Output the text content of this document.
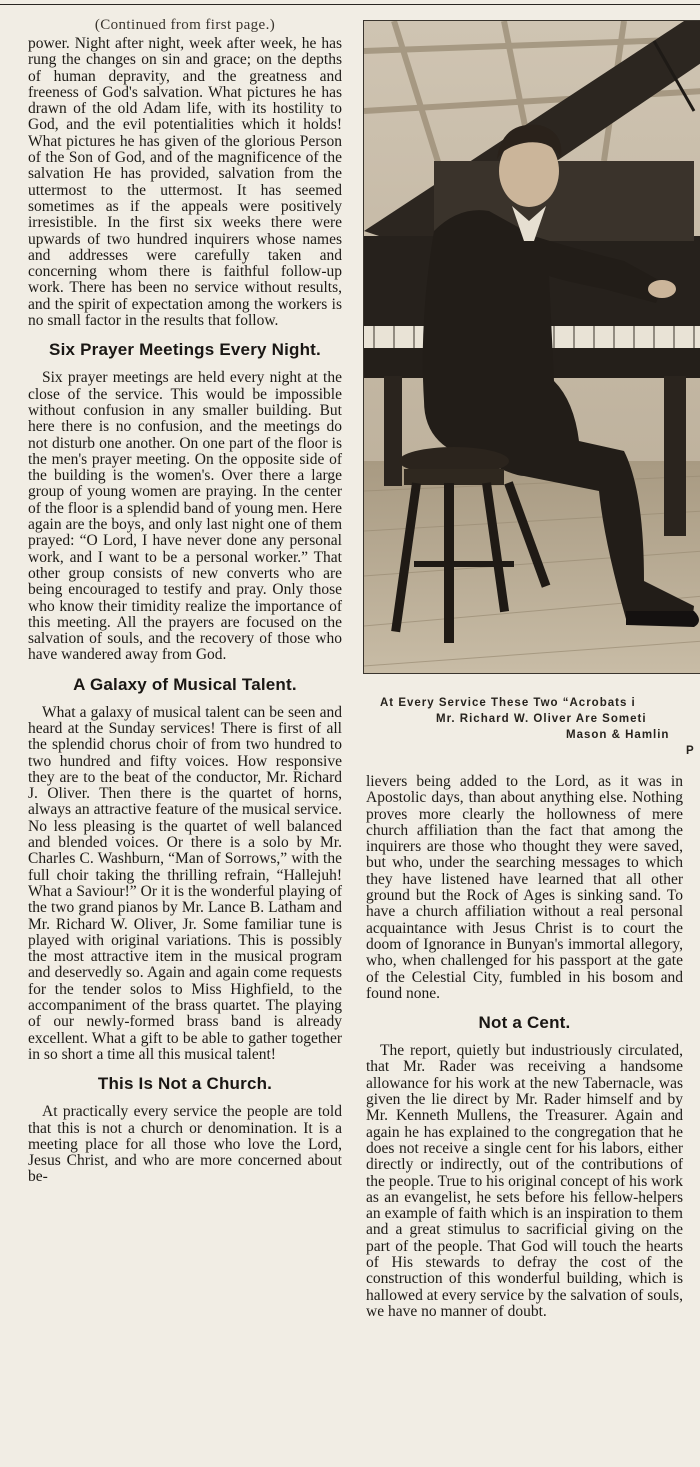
(Continued from first page.)

power. Night after night, week after week, he has rung the changes on sin and grace; on the depths of human depravity, and the greatness and freeness of God's salvation. What pictures he has drawn of the old Adam life, with its hostility to God, and the evil potentialities which it holds! What pictures he has given of the glorious Person of the Son of God, and of the magnificence of the salvation He has provided, salvation from the uttermost to the uttermost. It has seemed sometimes as if the appeals were positively irresistible. In the first six weeks there were upwards of two hundred inquirers whose names and addresses were carefully taken and concerning whom there is faithful follow-up work. There has been no service without results, and the spirit of expectation among the workers is no small factor in the results that follow.

Six Prayer Meetings Every Night.

Six prayer meetings are held every night at the close of the service. This would be impossible without confusion in any smaller building. But here there is no confusion, and the meetings do not disturb one another. On one part of the floor is the men's prayer meeting. On the opposite side of the building is the women's. Over there a large group of young women are praying. In the center of the floor is a splendid band of young men. Here again are the boys, and only last night one of them prayed: “O Lord, I have never done any personal work, and I want to be a personal worker.” That other group consists of new converts who are being encouraged to testify and pray. Only those who know their timidity realize the importance of this meeting. All the prayers are focused on the salvation of souls, and the recovery of those who have wandered away from God.

A Galaxy of Musical Talent.

What a galaxy of musical talent can be seen and heard at the Sunday services! There is first of all the splendid chorus choir of from two hundred to two hundred and fifty voices. How responsive they are to the beat of the conductor, Mr. Richard J. Oliver. Then there is the quartet of horns, always an attractive feature of the musical service. No less pleasing is the quartet of well balanced and blended voices. Or there is a solo by Mr. Charles C. Washburn, “Man of Sorrows,” with the full choir taking the thrilling refrain, “Hallejuh! What a Saviour!” Or it is the wonderful playing of the two grand pianos by Mr. Lance B. Latham and Mr. Richard W. Oliver, Jr. Some familiar tune is played with original variations. This is possibly the most attractive item in the musical program and deservedly so. Again and again come requests for the tender solos to Miss Highfield, to the accompaniment of the brass quartet. The playing of our newly-formed brass band is already excellent. What a gift to be able to gather together in so short a time all this musical talent!

This Is Not a Church.

At practically every service the people are told that this is not a church or denomination. It is a meeting place for all those who love the Lord, Jesus Christ, and who are more concerned about be-

At Every Service These Two “Acrobats i
Mr. Richard W. Oliver Are Someti
Mason & Hamlin
P

lievers being added to the Lord, as it was in Apostolic days, than about anything else. Nothing proves more clearly the hollowness of mere church affiliation than the fact that among the inquirers are those who thought they were saved, but who, under the searching messages to which they have listened have learned that all other ground but the Rock of Ages is sinking sand. To have a church affiliation without a real personal acquaintance with Jesus Christ is to court the doom of Ignorance in Bunyan's immortal allegory, who, when challenged for his passport at the gate of the Celestial City, fumbled in his bosom and found none.

Not a Cent.

The report, quietly but industriously circulated, that Mr. Rader was receiving a handsome allowance for his work at the new Tabernacle, was given the lie direct by Mr. Rader himself and by Mr. Kenneth Mullens, the Treasurer. Again and again he has explained to the congregation that he does not receive a single cent for his labors, either directly or indirectly, out of the contributions of the people. True to his original concept of his work as an evangelist, he sets before his fellow-helpers an example of faith which is an inspiration to them and a great stimulus to sacrificial giving on the part of the people. That God will touch the hearts of His stewards to defray the cost of the construction of this wonderful building, which is hallowed at every service by the salvation of souls, we have no manner of doubt.
